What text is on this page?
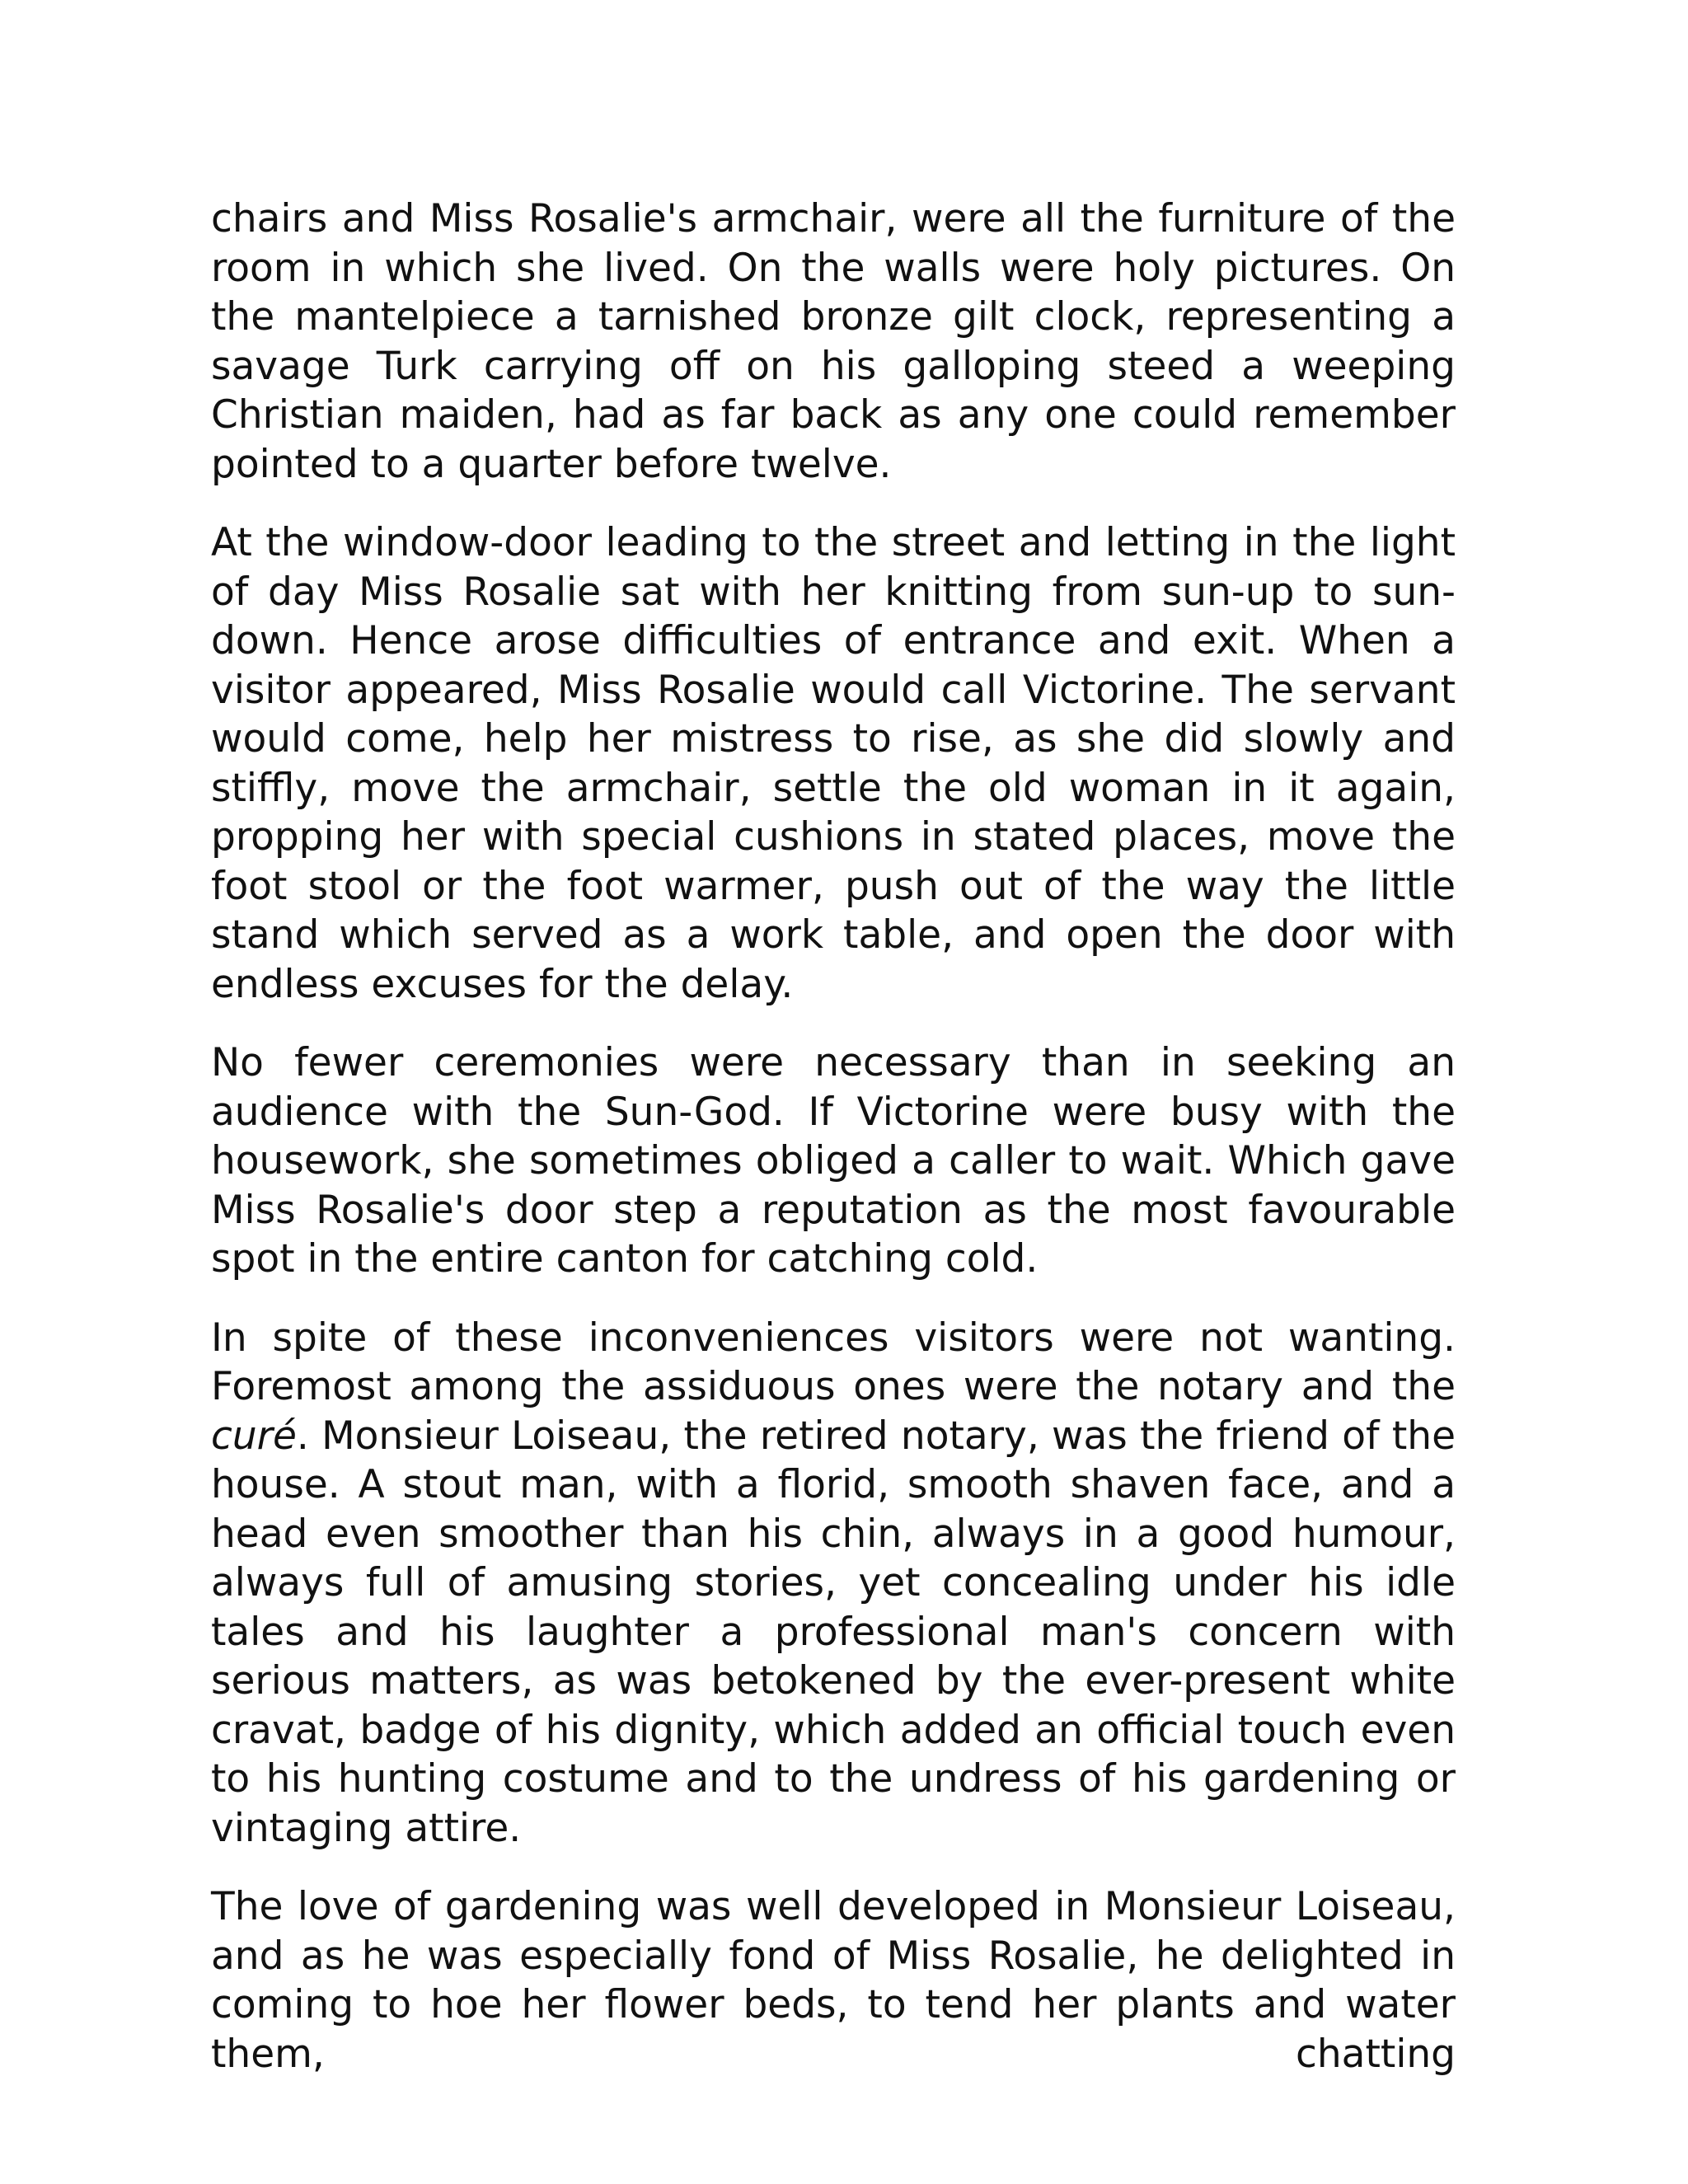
chairs and Miss Rosalie's armchair, were all the furniture of the room in which she lived. On the walls were holy pictures. On the mantelpiece a tarnished bronze gilt clock, representing a savage Turk carrying off on his galloping steed a weeping Christian maiden, had as far back as any one could remember pointed to a quarter before twelve.

At the window-door leading to the street and letting in the light of day Miss Rosalie sat with her knitting from sun-up to sun-down. Hence arose difficulties of entrance and exit. When a visitor appeared, Miss Rosalie would call Victorine. The servant would come, help her mistress to rise, as she did slowly and stiffly, move the armchair, settle the old woman in it again, propping her with special cushions in stated places, move the foot stool or the foot warmer, push out of the way the little stand which served as a work table, and open the door with endless excuses for the delay.

No fewer ceremonies were necessary than in seeking an audience with the Sun-God. If Victorine were busy with the housework, she sometimes obliged a caller to wait. Which gave Miss Rosalie's door step a reputation as the most favourable spot in the entire canton for catching cold.

In spite of these inconveniences visitors were not wanting. Foremost among the assiduous ones were the notary and the curé. Monsieur Loiseau, the retired notary, was the friend of the house. A stout man, with a florid, smooth shaven face, and a head even smoother than his chin, always in a good humour, always full of amusing stories, yet concealing under his idle tales and his laughter a professional man's concern with serious matters, as was betokened by the ever-present white cravat, badge of his dignity, which added an official touch even to his hunting costume and to the undress of his gardening or vintaging attire.

The love of gardening was well developed in Monsieur Loiseau, and as he was especially fond of Miss Rosalie, he delighted in coming to hoe her flower beds, to tend her plants and water them, chatting
